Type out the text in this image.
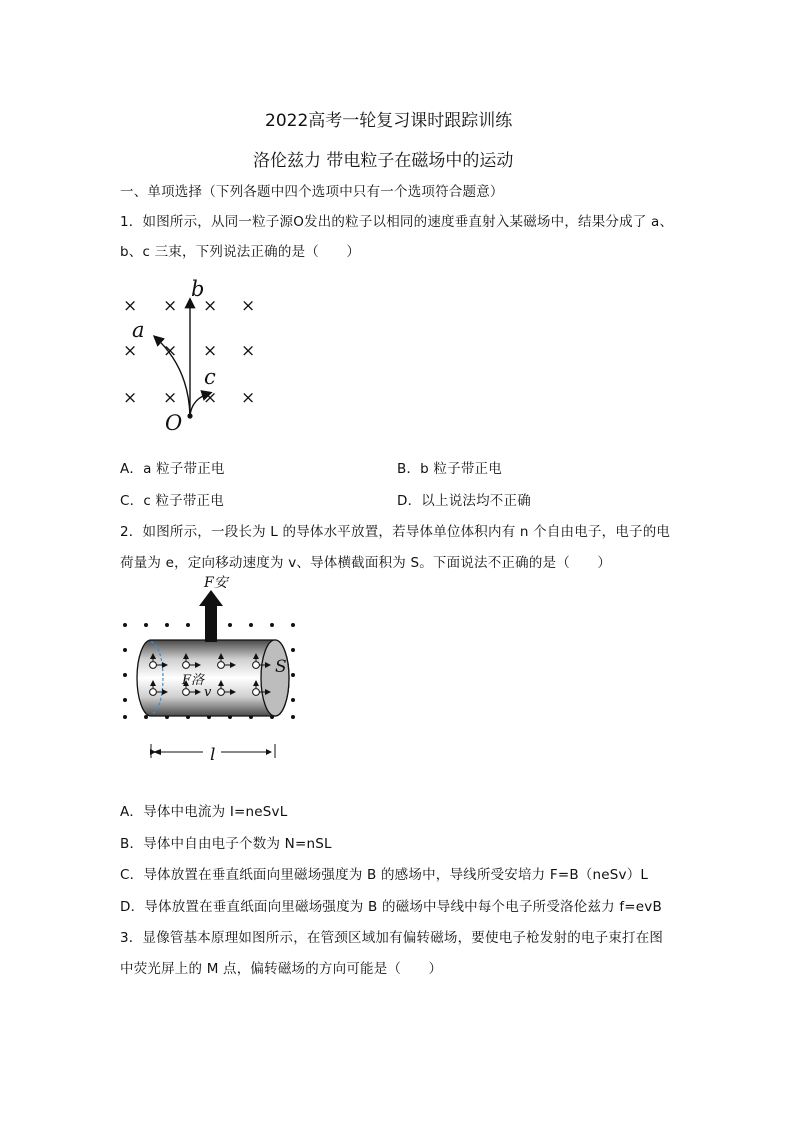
2022高考一轮复习课时跟踪训练
洛伦兹力 带电粒子在磁场中的运动
一、单项选择（下列各题中四个选项中只有一个选项符合题意）
1．如图所示，从同一粒子源O发出的粒子以相同的速度垂直射入某磁场中，结果分成了 a、
b、c 三束，下列说法正确的是（　　）
× × × ×
× × × ×
× × × ×
b
a
c
O
A．a 粒子带正电	B．b 粒子带正电
C．c 粒子带正电	D．以上说法均不正确
2．如图所示，一段长为 L 的导体水平放置，若导体单位体积内有 n 个自由电子，电子的电
荷量为 e，定向移动速度为 v、导体横截面积为 S。下面说法不正确的是（　　）
F安
F洛
S
v
l
A．导体中电流为 I=neSvL
B．导体中自由电子个数为 N=nSL
C．导体放置在垂直纸面向里磁场强度为 B 的感场中，导线所受安培力 F=B（neSv）L
D．导体放置在垂直纸面向里磁场强度为 B 的磁场中导线中每个电子所受洛伦兹力 f=evB
3．显像管基本原理如图所示，在管颈区域加有偏转磁场，要使电子枪发射的电子束打在图
中荧光屏上的 M 点，偏转磁场的方向可能是（　　）
